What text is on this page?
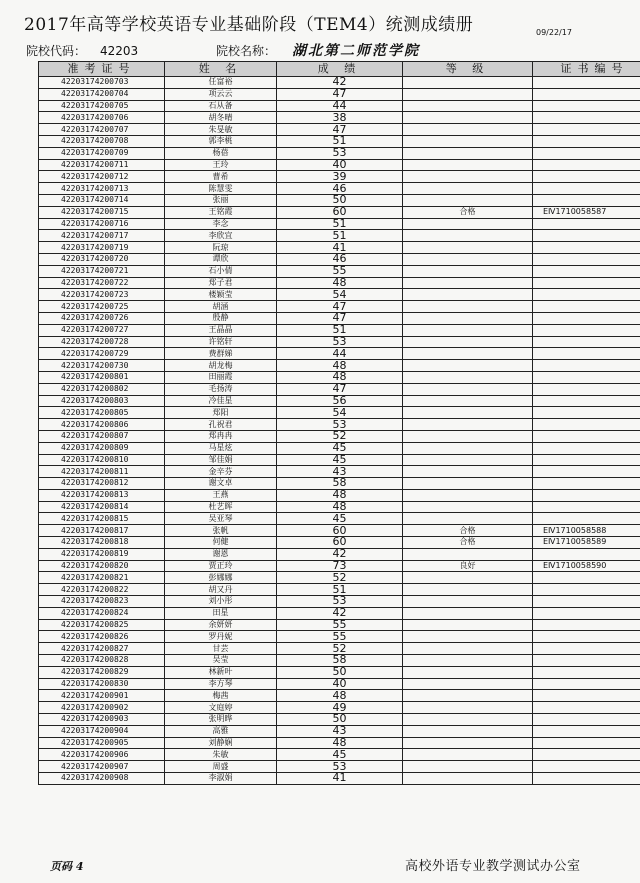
2017年高等学校英语专业基础阶段（TEM4）统测成绩册	09/22/17
院校代码： 42203	院校名称： 湖北第二师范学院
准考证号	姓 名	成 绩	等 级	证书编号
42203174200703	任富裕	42		
42203174200704	项云云	47		
42203174200705	石从备	44		
42203174200706	胡冬晴	38		
42203174200707	朱旻敏	47		
42203174200708	郭李桃	51		
42203174200709	杨蓓	53		
42203174200711	王玲	40		
42203174200712	曹希	39		
42203174200713	陈慧雯	46		
42203174200714	张丽	50		
42203174200715	王铭霞	60	合格	EⅣ1710058587
42203174200716	李念	51		
42203174200717	李欣宜	51		
42203174200719	阮琼	41		
42203174200720	谭欣	46		
42203174200721	石小倩	55		
42203174200722	郑子君	48		
42203174200723	楼颖莹	54		
42203174200725	胡涵	47		
42203174200726	殷静	47		
42203174200727	王晶晶	51		
42203174200728	许铭轩	53		
42203174200729	费群娣	44		
42203174200730	胡龙梅	48		
42203174200801	田丽霞	48		
42203174200802	毛扬涛	47		
42203174200803	冷佳星	56		
42203174200805	郑阳	54		
42203174200806	孔祝君	53		
42203174200807	郑冉冉	52		
42203174200809	马星炫	45		
42203174200810	邹佳娟	45		
42203174200811	金辛芬	43		
42203174200812	谢文卓	58		
42203174200813	王燕	48		
42203174200814	杜艺晖	48		
42203174200815	吴亚琴	45		
42203174200817	张帆	60	合格	EⅣ1710058588
42203174200818	何健	60	合格	EⅣ1710058589
42203174200819	谢恩	42		
42203174200820	贾正玲	73	良好	EⅣ1710058590
42203174200821	彭娜娜	52		
42203174200822	胡又丹	51		
42203174200823	刘小彤	53		
42203174200824	田星	42		
42203174200825	余妍妍	55		
42203174200826	罗丹妮	55		
42203174200827	甘芸	52		
42203174200828	吴莹	58		
42203174200829	林新叶	50		
42203174200830	李方琴	40		
42203174200901	梅茜	48		
42203174200902	文庭婷	49		
42203174200903	张明晔	50		
42203174200904	高雅	43		
42203174200905	刘静娴	48		
42203174200906	朱敏	45		
42203174200907	周盛	53		
42203174200908	李淑娟	41		
页码 4	高校外语专业教学测试办公室
